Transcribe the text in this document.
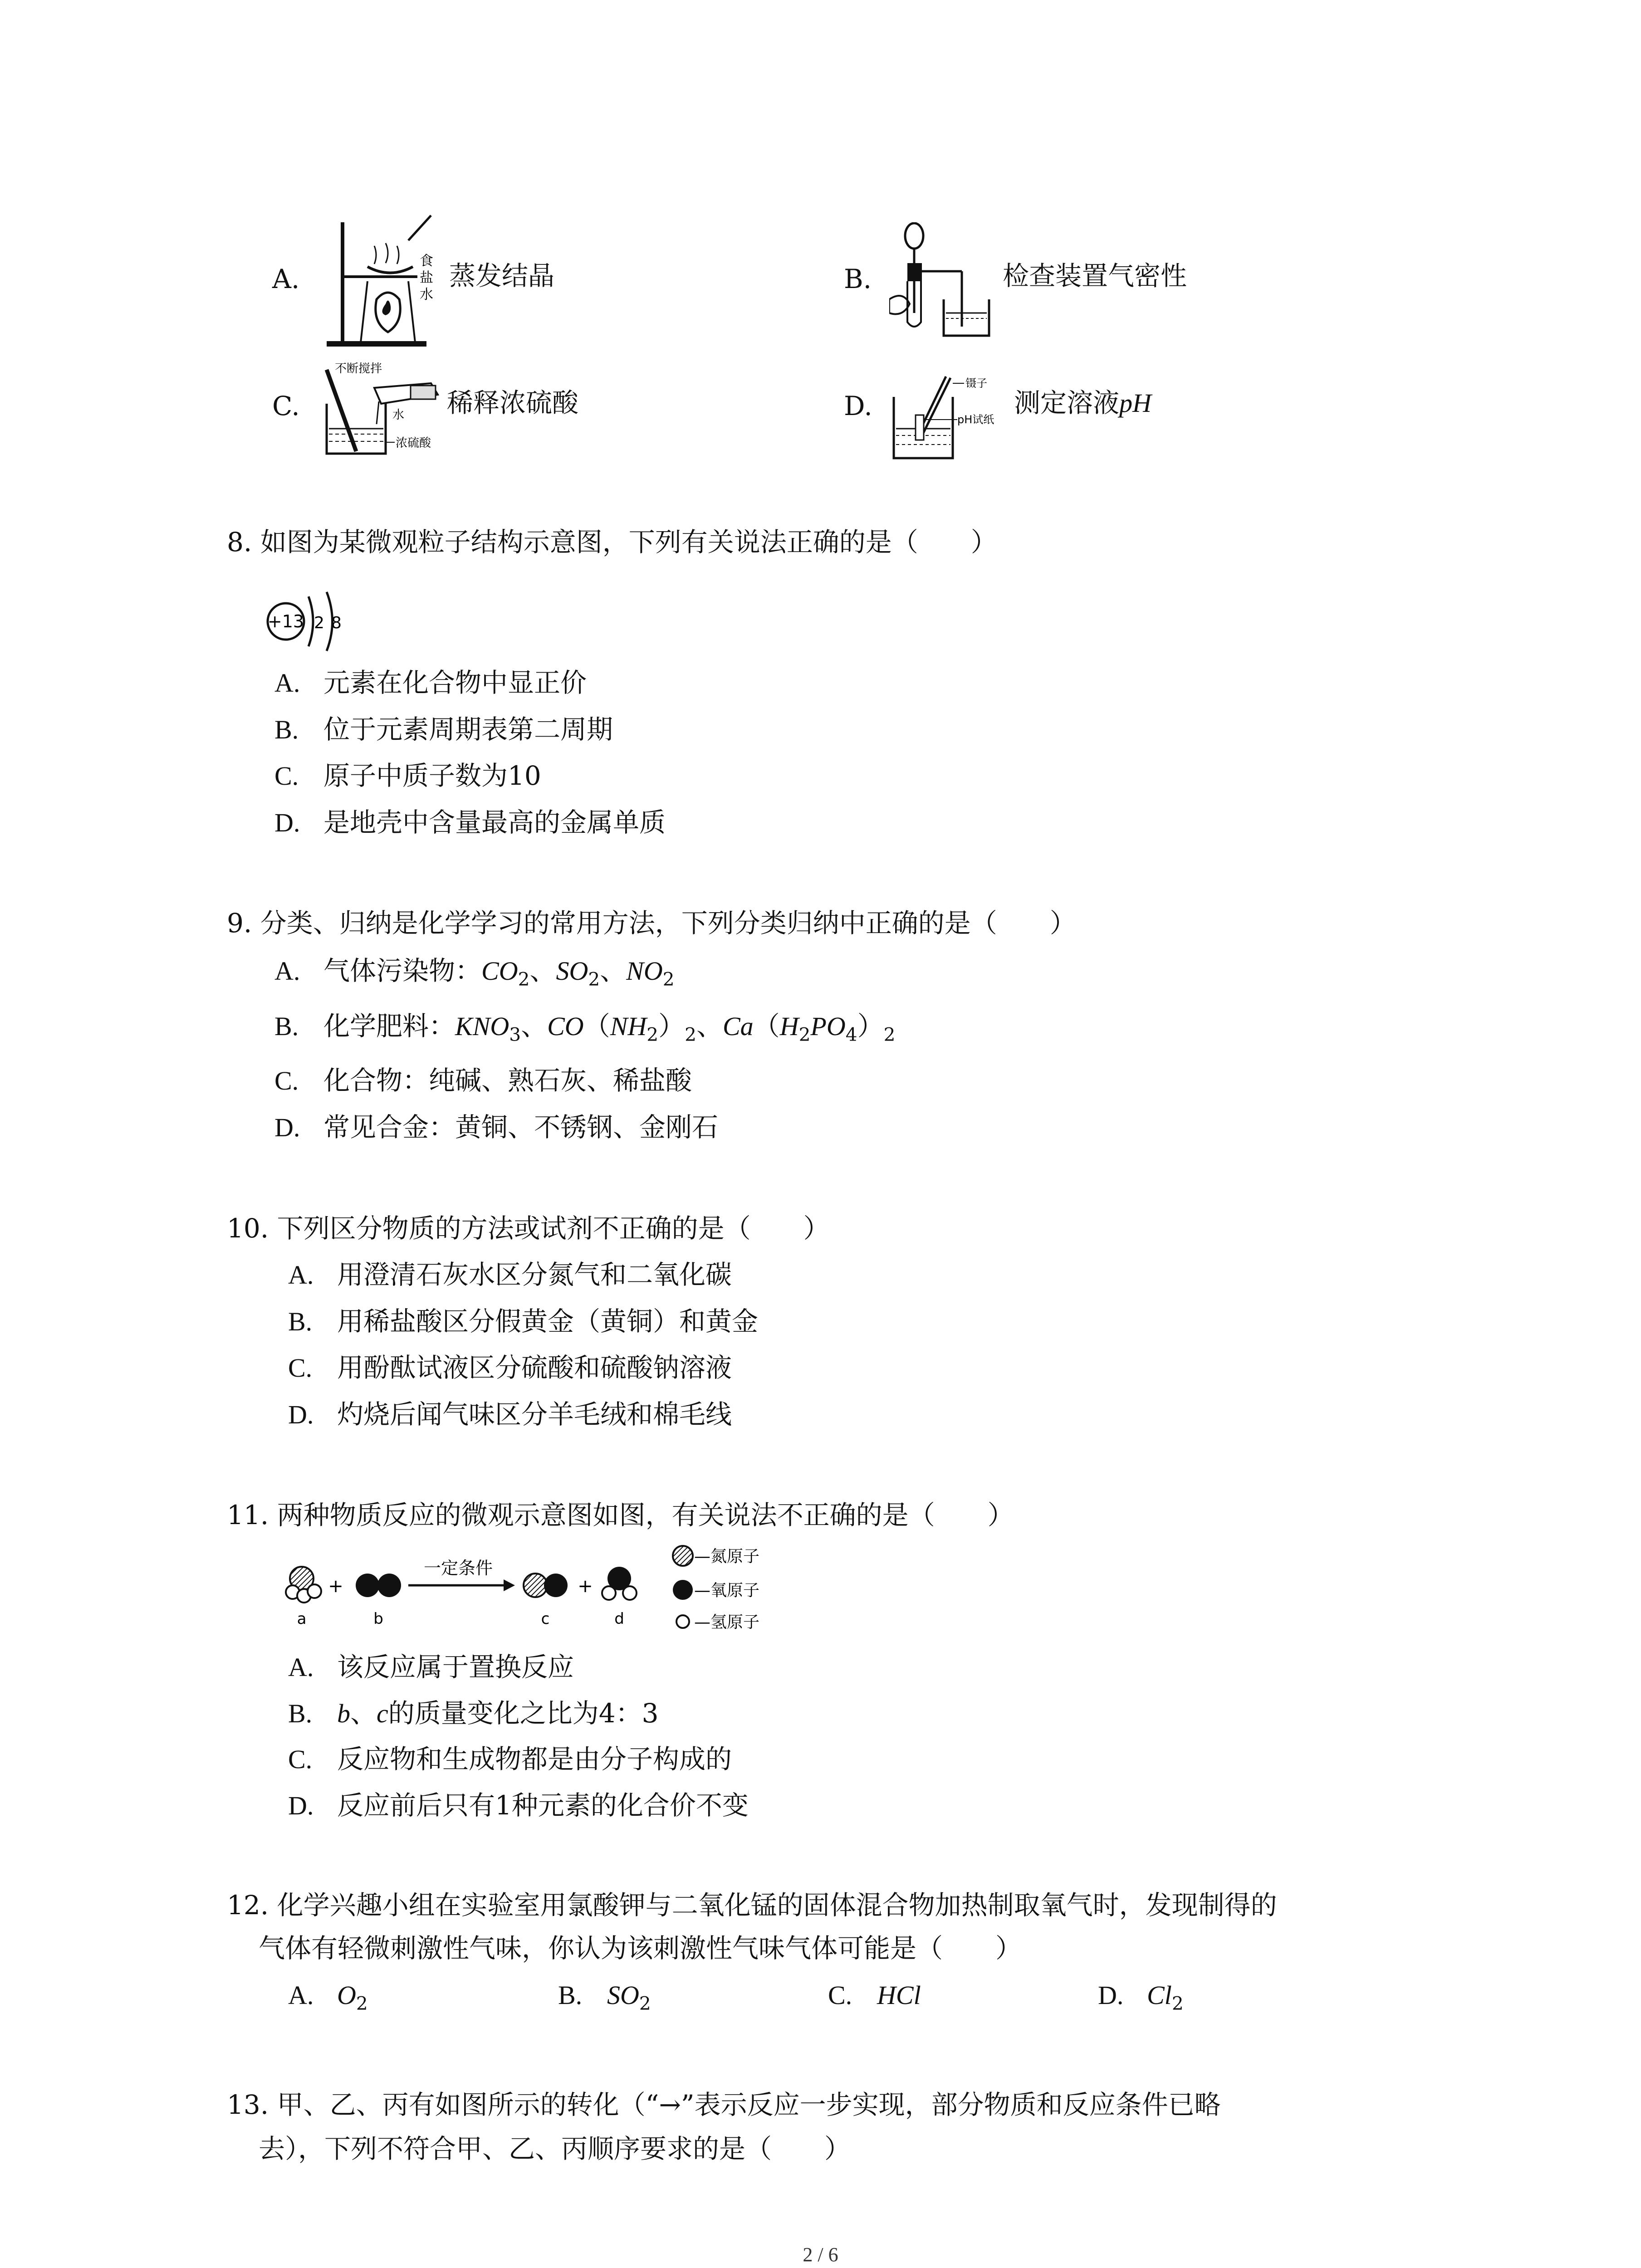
食
盐
水
A.	蒸发结晶	B.	检查装置气密性
不断搅拌
水
浓硫酸
C.	稀释浓硫酸
镊子
pH试纸
D.	测定溶液pH
8. 如图为某微观粒子结构示意图，下列有关说法正确的是（　　）
+13 2 8
A. 元素在化合物中显正价
B. 位于元素周期表第二周期
C. 原子中质子数为10
D. 是地壳中含量最高的金属单质
9. 分类、归纳是化学学习的常用方法，下列分类归纳中正确的是（　　）
A. 气体污染物：$CO_2$、$SO_2$、$NO_2$
B. 化学肥料：$KNO_3$、$CO(NH_2)_2$、$Ca(H_2PO_4)_2$
C. 化合物：纯碱、熟石灰、稀盐酸
D. 常见合金：黄铜、不锈钢、金刚石
10. 下列区分物质的方法或试剂不正确的是（　　）
A. 用澄清石灰水区分氮气和二氧化碳
B. 用稀盐酸区分假黄金（黄铜）和黄金
C. 用酚酞试液区分硫酸和硫酸钠溶液
D. 灼烧后闻气味区分羊毛绒和棉毛线
11. 两种物质反应的微观示意图如图，有关说法不正确的是（　　）
a
+
b
一定条件
c
+
d
—氮原子
—氧原子
—氢原子
A. 该反应属于置换反应
B. b、c的质量变化之比为4：3
C. 反应物和生成物都是由分子构成的
D. 反应前后只有1种元素的化合价不变
12. 化学兴趣小组在实验室用氯酸钾与二氧化锰的固体混合物加热制取氧气时，发现制得的
气体有轻微刺激性气味，你认为该刺激性气味气体可能是（　　）
A. $O_2$	B. $SO_2$	C. HCl	D. $Cl_2$
13. 甲、乙、丙有如图所示的转化（“→”表示反应一步实现，部分物质和反应条件已略
去），下列不符合甲、乙、丙顺序要求的是（　　）
2 / 6
